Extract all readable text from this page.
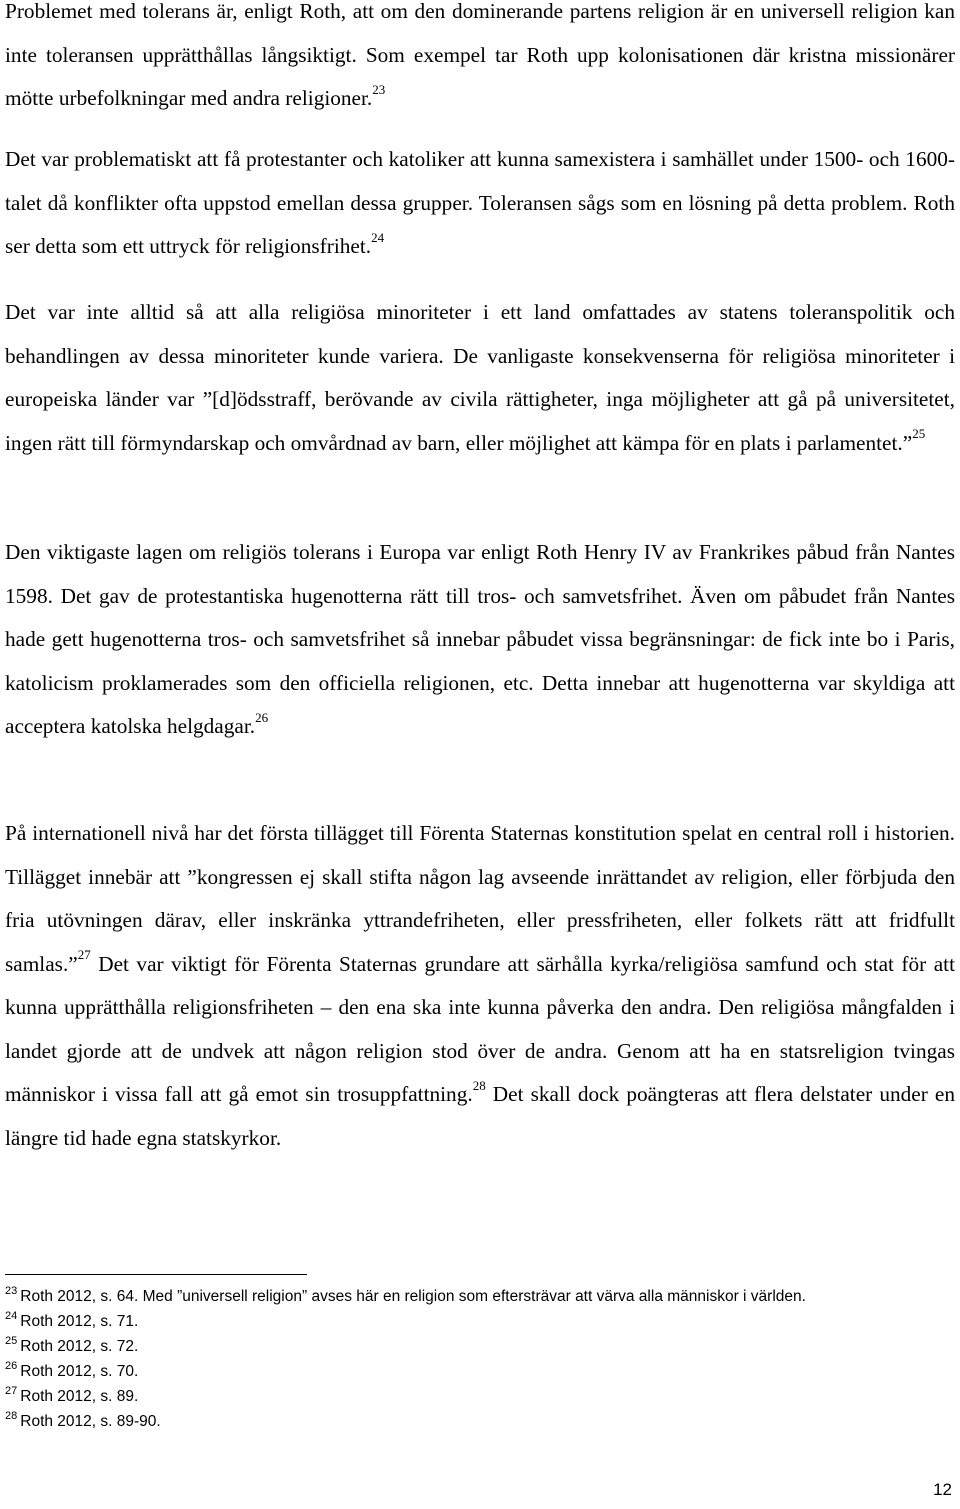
Problemet med tolerans är, enligt Roth, att om den dominerande partens religion är en universell religion kan inte toleransen upprätthållas långsiktigt. Som exempel tar Roth upp kolonisationen där kristna missionärer mötte urbefolkningar med andra religioner.$^{23}$

Det var problematiskt att få protestanter och katoliker att kunna samexistera i samhället under 1500- och 1600-talet då konflikter ofta uppstod emellan dessa grupper. Toleransen sågs som en lösning på detta problem. Roth ser detta som ett uttryck för religionsfrihet.$^{24}$

Det var inte alltid så att alla religiösa minoriteter i ett land omfattades av statens toleranspolitik och behandlingen av dessa minoriteter kunde variera. De vanligaste konsekvenserna för religiösa minoriteter i europeiska länder var ”[d]ödsstraff, berövande av civila rättigheter, inga möjligheter att gå på universitetet, ingen rätt till förmyndarskap och omvårdnad av barn, eller möjlighet att kämpa för en plats i parlamentet.”$^{25}$

Den viktigaste lagen om religiös tolerans i Europa var enligt Roth Henry IV av Frankrikes påbud från Nantes 1598. Det gav de protestantiska hugenotterna rätt till tros- och samvetsfrihet. Även om påbudet från Nantes hade gett hugenotterna tros- och samvetsfrihet så innebar påbudet vissa begränsningar: de fick inte bo i Paris, katolicism proklamerades som den officiella religionen, etc. Detta innebar att hugenotterna var skyldiga att acceptera katolska helgdagar.$^{26}$

På internationell nivå har det första tillägget till Förenta Staternas konstitution spelat en central roll i historien. Tillägget innebär att ”kongressen ej skall stifta någon lag avseende inrättandet av religion, eller förbjuda den fria utövningen därav, eller inskränka yttrandefriheten, eller pressfriheten, eller folkets rätt att fridfullt samlas.”$^{27}$ Det var viktigt för Förenta Staternas grundare att särhålla kyrka/religiösa samfund och stat för att kunna upprätthålla religionsfriheten – den ena ska inte kunna påverka den andra. Den religiösa mångfalden i landet gjorde att de undvek att någon religion stod över de andra. Genom att ha en statsreligion tvingas människor i vissa fall att gå emot sin trosuppfattning.$^{28}$ Det skall dock poängteras att flera delstater under en längre tid hade egna statskyrkor.

$^{23}$ Roth 2012, s. 64. Med ”universell religion” avses här en religion som eftersträvar att värva alla människor i världen.

$^{24}$ Roth 2012, s. 71.

$^{25}$ Roth 2012, s. 72.

$^{26}$ Roth 2012, s. 70.

$^{27}$ Roth 2012, s. 89.

$^{28}$ Roth 2012, s. 89-90.

12
